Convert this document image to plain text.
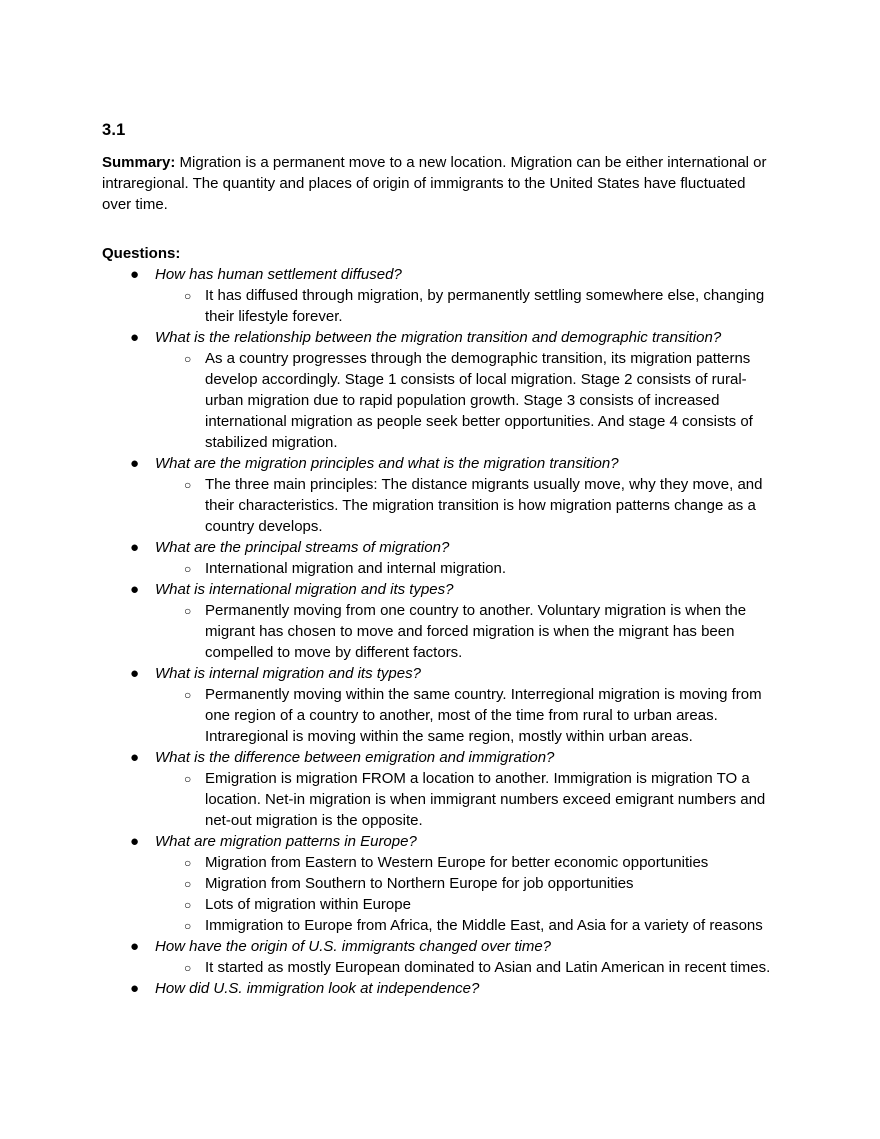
3.1

Summary: Migration is a permanent move to a new location. Migration can be either international or intraregional. The quantity and places of origin of immigrants to the United States have fluctuated over time.

Questions:
●	How has human settlement diffused?
○ It has diffused through migration, by permanently settling somewhere else, changing their lifestyle forever.
●	What is the relationship between the migration transition and demographic transition?
○ As a country progresses through the demographic transition, its migration patterns develop accordingly. Stage 1 consists of local migration. Stage 2 consists of rural-urban migration due to rapid population growth. Stage 3 consists of increased international migration as people seek better opportunities. And stage 4 consists of stabilized migration.
●	What are the migration principles and what is the migration transition?
○ The three main principles: The distance migrants usually move, why they move, and their characteristics. The migration transition is how migration patterns change as a country develops.
●	What are the principal streams of migration?
○ International migration and internal migration.
●	What is international migration and its types?
○ Permanently moving from one country to another. Voluntary migration is when the migrant has chosen to move and forced migration is when the migrant has been compelled to move by different factors.
●	What is internal migration and its types?
○ Permanently moving within the same country. Interregional migration is moving from one region of a country to another, most of the time from rural to urban areas. Intraregional is moving within the same region, mostly within urban areas.
●	What is the difference between emigration and immigration?
○ Emigration is migration FROM a location to another. Immigration is migration TO a location. Net-in migration is when immigrant numbers exceed emigrant numbers and net-out migration is the opposite.
●	What are migration patterns in Europe?
○ Migration from Eastern to Western Europe for better economic opportunities
○ Migration from Southern to Northern Europe for job opportunities
○ Lots of migration within Europe
○ Immigration to Europe from Africa, the Middle East, and Asia for a variety of reasons
●	How have the origin of U.S. immigrants changed over time?
○ It started as mostly European dominated to Asian and Latin American in recent times.
●	How did U.S. immigration look at independence?
